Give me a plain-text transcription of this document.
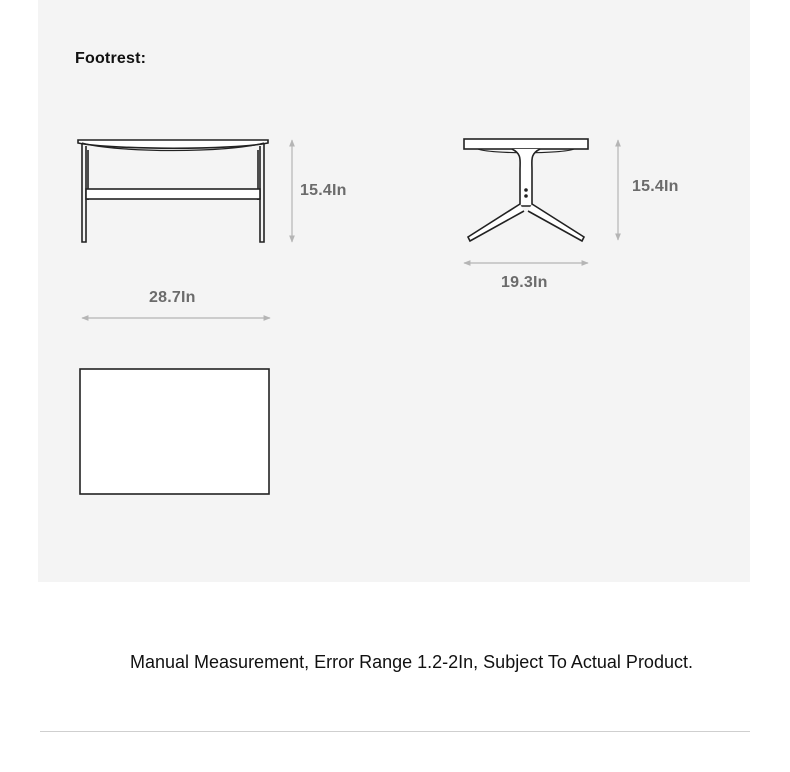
Footrest:
15.4In	15.4In
19.3In
28.7In
Manual Measurement, Error Range 1.2-2In, Subject To Actual Product.
